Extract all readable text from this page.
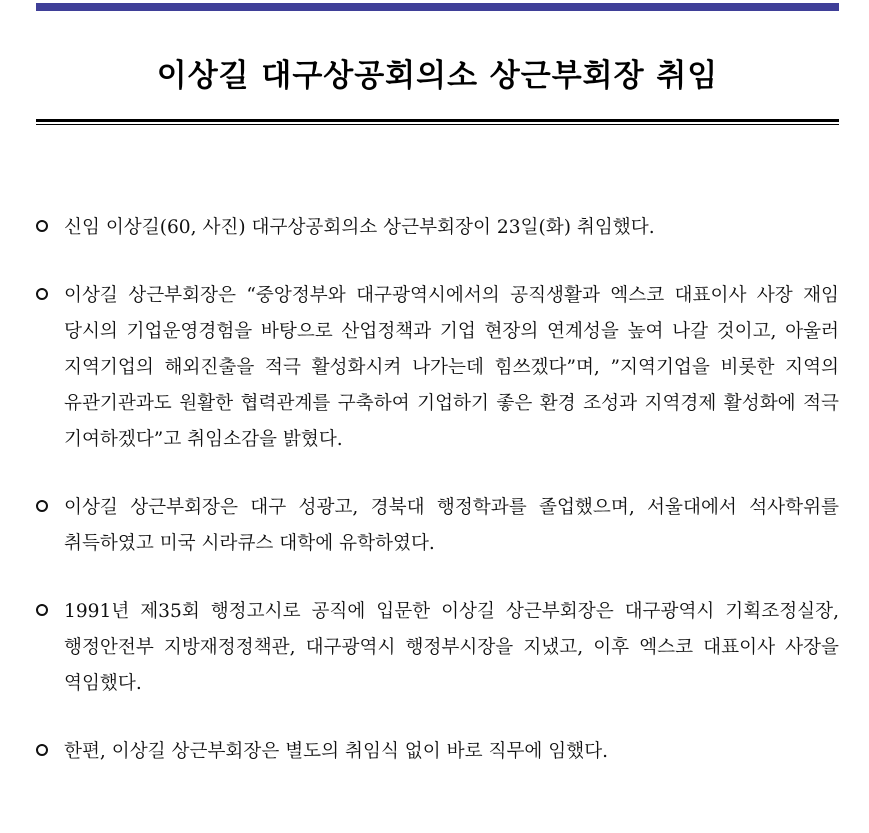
이상길 대구상공회의소 상근부회장 취임

신임 이상길(60, 사진) 대구상공회의소 상근부회장이 23일(화) 취임했다.

이상길 상근부회장은 “중앙정부와 대구광역시에서의 공직생활과 엑스코 대표이사 사장 재임 당시의 기업운영경험을 바탕으로 산업정책과 기업 현장의 연계성을 높여 나갈 것이고, 아울러 지역기업의 해외진출을 적극 활성화시켜 나가는데 힘쓰겠다”며, ”지역기업을 비롯한 지역의 유관기관과도 원활한 협력관계를 구축하여 기업하기 좋은 환경 조성과 지역경제 활성화에 적극 기여하겠다”고 취임소감을 밝혔다.

이상길 상근부회장은 대구 성광고, 경북대 행정학과를 졸업했으며, 서울대에서 석사학위를 취득하였고 미국 시라큐스 대학에 유학하였다.

1991년 제35회 행정고시로 공직에 입문한 이상길 상근부회장은 대구광역시 기획조정실장, 행정안전부 지방재정정책관, 대구광역시 행정부시장을 지냈고, 이후 엑스코 대표이사 사장을 역임했다.

한편, 이상길 상근부회장은 별도의 취임식 없이 바로 직무에 임했다.
